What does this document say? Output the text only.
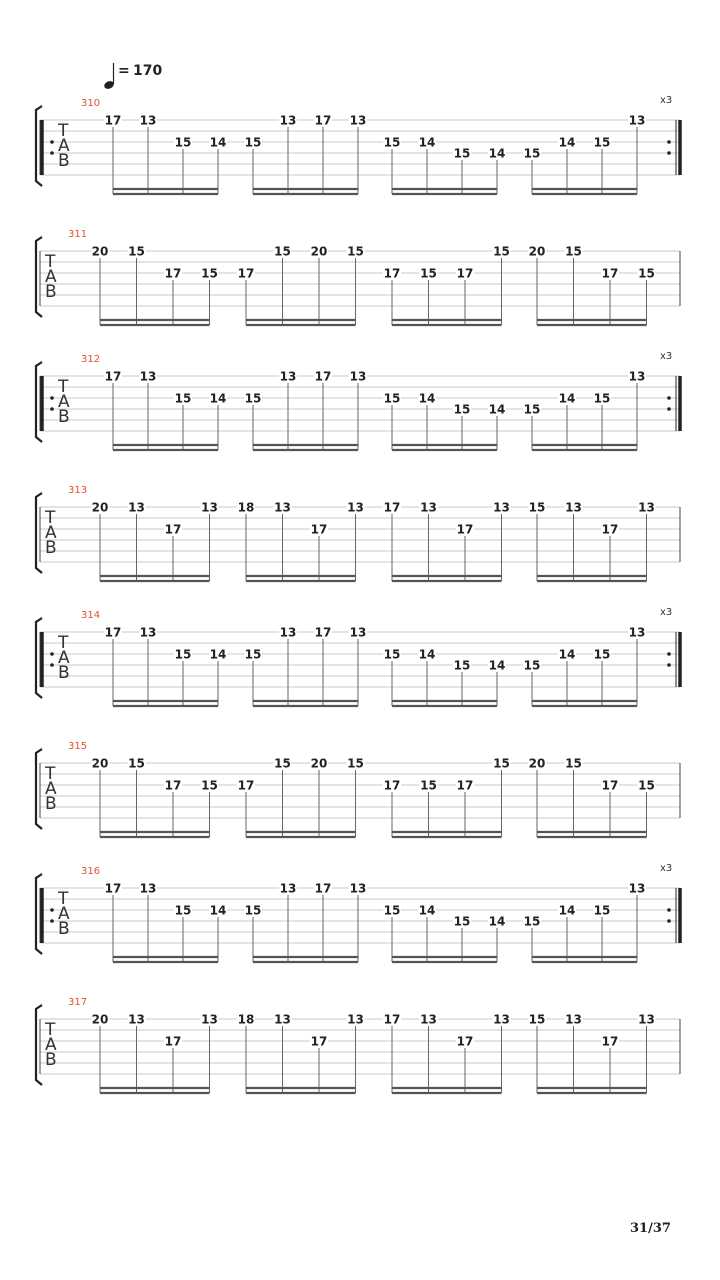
= 170
x3
T
A
B
310
17 13
15 14 15
13 17 13
15 14
15 14 15
14 15
13
T
A
B
311
20 15
17 15 17
15 20 15
17 15 17
15 20 15
17 15
x3
T
A
B
312
17 13
15 14 15
13 17 13
15 14
15 14 15
14 15
13
T
A
B
313
20 13
17
13 18 13
17
13 17 13
17
13 15 13
17
13
x3
T
A
B
314
17 13
15 14 15
13 17 13
15 14
15 14 15
14 15
13
T
A
B
315
20 15
17 15 17
15 20 15
17 15 17
15 20 15
17 15
x3
T
A
B
316
17 13
15 14 15
13 17 13
15 14
15 14 15
14 15
13
T
A
B
317
20 13
17
13 18 13
17
13 17 13
17
13 15 13
17
13
31/37
